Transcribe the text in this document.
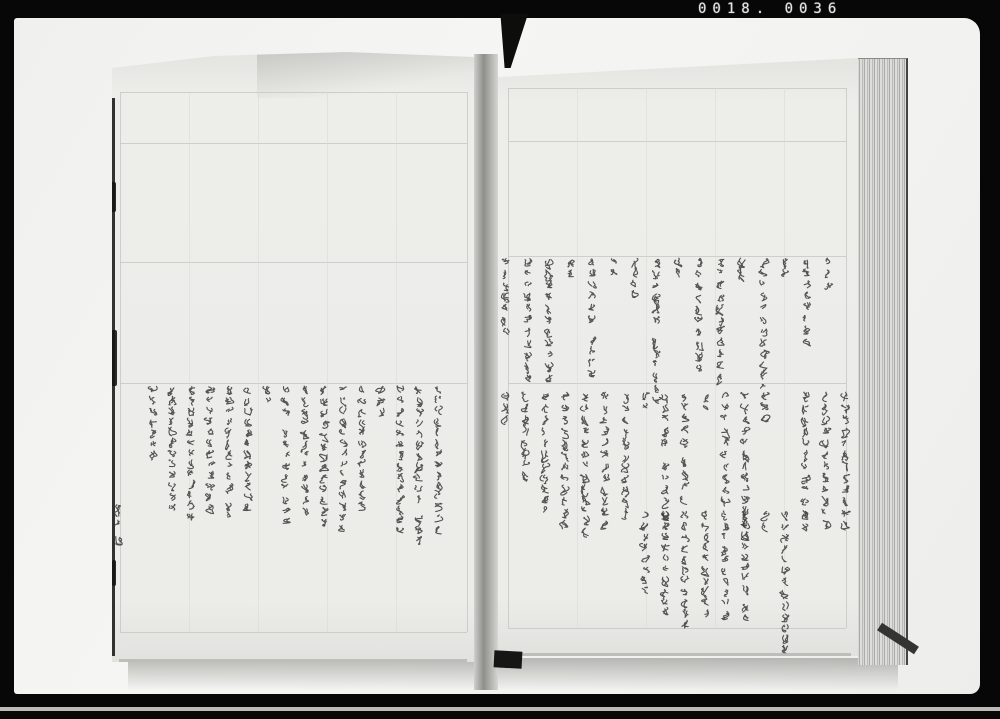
0018. 0036
